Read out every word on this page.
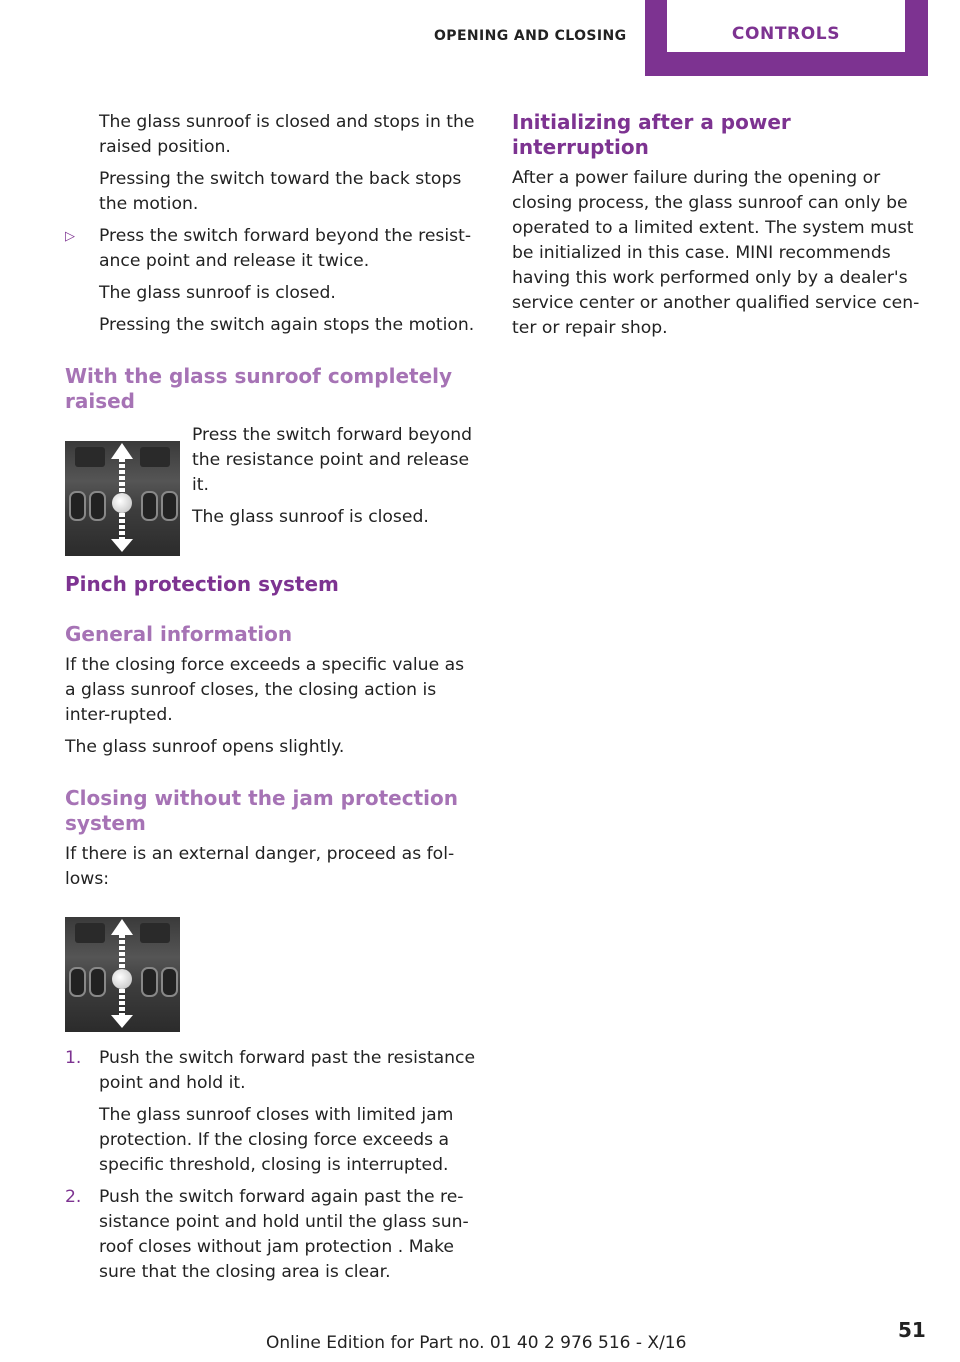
OPENING AND CLOSING	CONTROLS

The glass sunroof is closed and stops in the raised position.

Pressing the switch toward the back stops the motion.

▷ Press the switch forward beyond the resist-ance point and release it twice.

The glass sunroof is closed.

Pressing the switch again stops the motion.

With the glass sunroof completely raised

Press the switch forward beyond the resistance point and release it.

The glass sunroof is closed.

Pinch protection system
General information

If the closing force exceeds a specific value as a glass sunroof closes, the closing action is inter-rupted.

The glass sunroof opens slightly.

Closing without the jam protection system

If there is an external danger, proceed as fol-lows:

1. Push the switch forward past the resistance point and hold it.

The glass sunroof closes with limited jam protection. If the closing force exceeds a specific threshold, closing is interrupted.

2. Push the switch forward again past the re-sistance point and hold until the glass sun-roof closes without jam protection . Make sure that the closing area is clear.

Initializing after a power interruption

After a power failure during the opening or closing process, the glass sunroof can only be operated to a limited extent. The system must be initialized in this case. MINI recommends having this work performed only by a dealer's service center or another qualified service cen-ter or repair shop.

Online Edition for Part no. 01 40 2 976 516 - X/16
51
